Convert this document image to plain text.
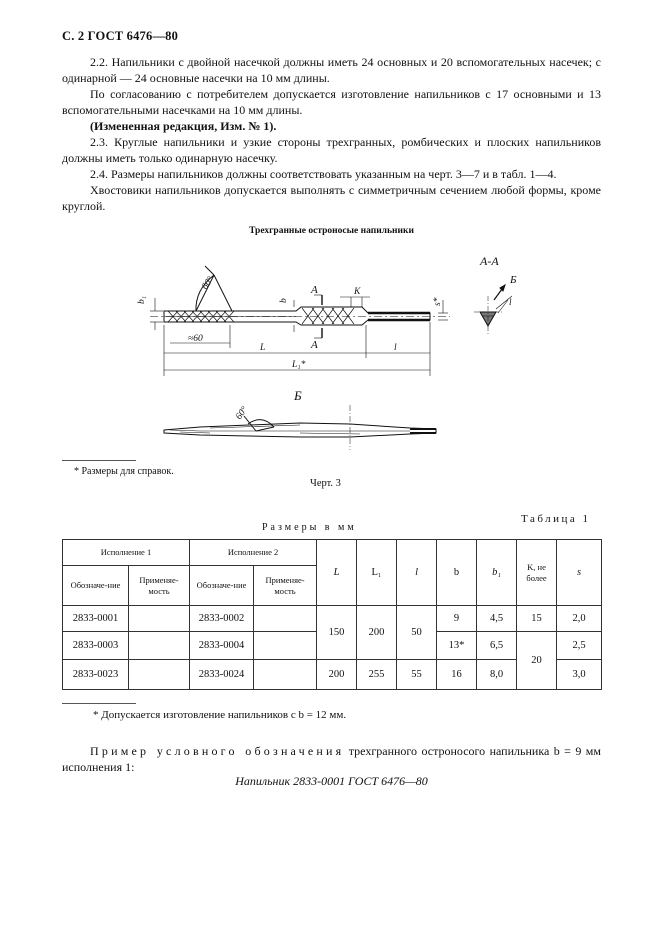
С. 2 ГОСТ 6476—80
2.2. Напильники с двойной насечкой должны иметь 24 основных и 20 вспомогательных насечек; с одинарной — 24 основные насечки на 10 мм длины.
По согласованию с потребителем допускается изготовление напильников с 17 основными и 13 вспомогательными насечками на 10 мм длины.
(Измененная редакция, Изм. № 1).
2.3. Круглые напильники и узкие стороны трехгранных, ромбических и плоских напильников должны иметь только одинарную насечку.
2.4. Размеры напильников должны соответствовать указанным на черт. 3—7 и в табл. 1—4.
Хвостовики напильников допускается выполнять с симметричным сечением любой формы, кроме круглой.
Трехгранные остроносые напильники
b₁
60°
≈60
b
L
L₁*
l
K
s*
А
А
А-А
Б
l
Б
60°
* Размеры для справок.
Черт. 3
Таблица 1
Размеры в мм
Исполнение 1		Исполнение 2		L	L₁	l	b	b₁	K, не более	s
Обозначе-ние	Применяе-мость	Обозначе-ние	Применяе-мость							
2833-0001		2833-0002		150	200	50	9	4,5	15	2,0
2833-0003		2833-0004					13*	6,5	20	2,5
2833-0023		2833-0024		200	255	55	16	8,0		3,0
* Допускается изготовление напильников с b = 12 мм.
Пример условного обозначения трехгранного остроносого напильника b = 9 мм исполнения 1:
Напильник 2833-0001 ГОСТ 6476—80
